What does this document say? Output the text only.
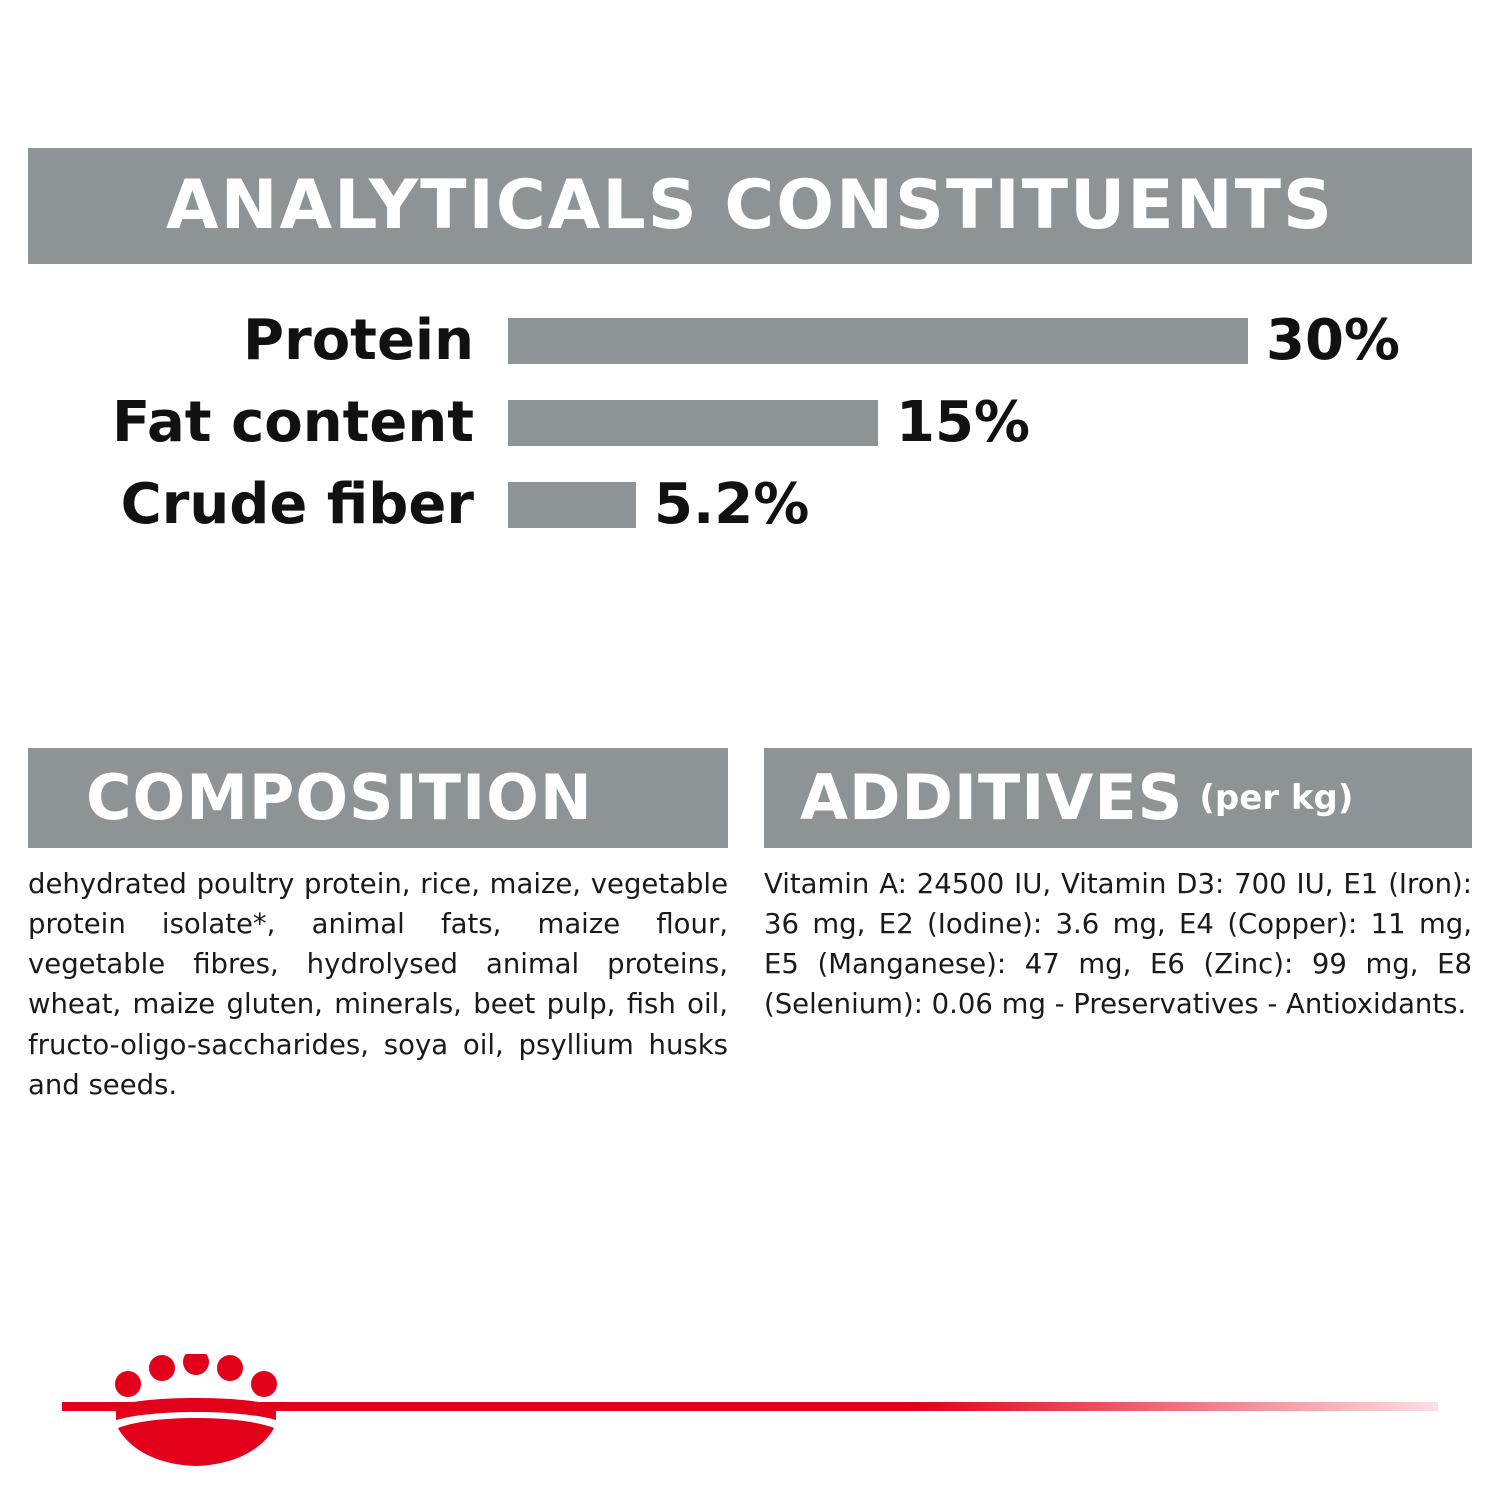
ANALYTICALS CONSTITUENTS
Protein	30%
Fat content	15%
Crude fiber	5.2%
COMPOSITION
dehydrated poultry protein, rice, maize, vegetable protein isolate*, animal fats, maize flour, vegetable fibres, hydrolysed animal proteins, wheat, maize gluten, minerals, beet pulp, fish oil, fructo-oligo-saccharides, soya oil, psyllium husks and seeds.
ADDITIVES (per kg)
Vitamin A: 24500 IU, Vitamin D3: 700 IU, E1 (Iron): 36 mg, E2 (Iodine): 3.6 mg, E4 (Copper): 11 mg, E5 (Manganese): 47 mg, E6 (Zinc): 99 mg, E8 (Selenium): 0.06 mg - Preservatives - Antioxidants.
